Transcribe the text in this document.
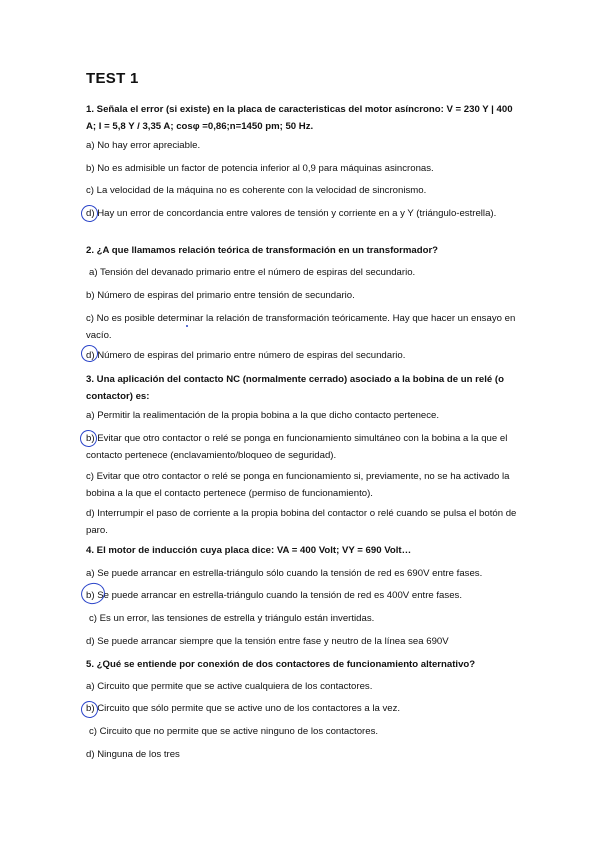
TEST 1
1. Señala el error (si existe) en la placa de caracteristicas del motor asíncrono: V = 230 Y | 400 A; I = 5,8 Y / 3,35 A; cosφ =0,86;n=1450 pm; 50 Hz.
a) No hay error apreciable.
b) No es admisible un factor de potencia inferior al 0,9 para máquinas asincronas.
c) La velocidad de la máquina no es coherente con la velocidad de sincronismo.
d) Hay un error de concordancia entre valores de tensión y corriente en a y Y (triángulo-estrella).
2. ¿A que llamamos relación teórica de transformación en un transformador?
a) Tensión del devanado primario entre el número de espiras del secundario.
b) Número de espiras del primario entre tensión de secundario.
c) No es posible determinar la relación de transformación teóricamente. Hay que hacer un ensayo en vacío.
d) Número de espiras del primario entre número de espiras del secundario.
3. Una aplicación del contacto NC (normalmente cerrado) asociado a la bobina de un relé (o contactor) es:
a) Permitir la realimentación de la propia bobina a la que dicho contacto pertenece.
b) Evitar que otro contactor o relé se ponga en funcionamiento simultáneo con la bobina a la que el contacto pertenece (enclavamiento/bloqueo de seguridad).
c) Evitar que otro contactor o relé se ponga en funcionamiento si, previamente, no se ha activado la bobina a la que el contacto pertenece (permiso de funcionamiento).
d) Interrumpir el paso de corriente a la propia bobina del contactor o relé cuando se pulsa el botón de paro.
4. El motor de inducción cuya placa dice: VA = 400 Volt; VY = 690 Volt…
a) Se puede arrancar en estrella-triángulo sólo cuando la tensión de red es 690V entre fases.
b) Se puede arrancar en estrella-triángulo cuando la tensión de red es 400V entre fases.
c) Es un error, las tensiones de estrella y triángulo están invertidas.
d) Se puede arrancar siempre que la tensión entre fase y neutro de la línea sea 690V
5. ¿Qué se entiende por conexión de dos contactores de funcionamiento alternativo?
a) Circuito que permite que se active cualquiera de los contactores.
b) Circuito que sólo permite que se active uno de los contactores a la vez.
c) Circuito que no permite que se active ninguno de los contactores.
d) Ninguna de los tres
